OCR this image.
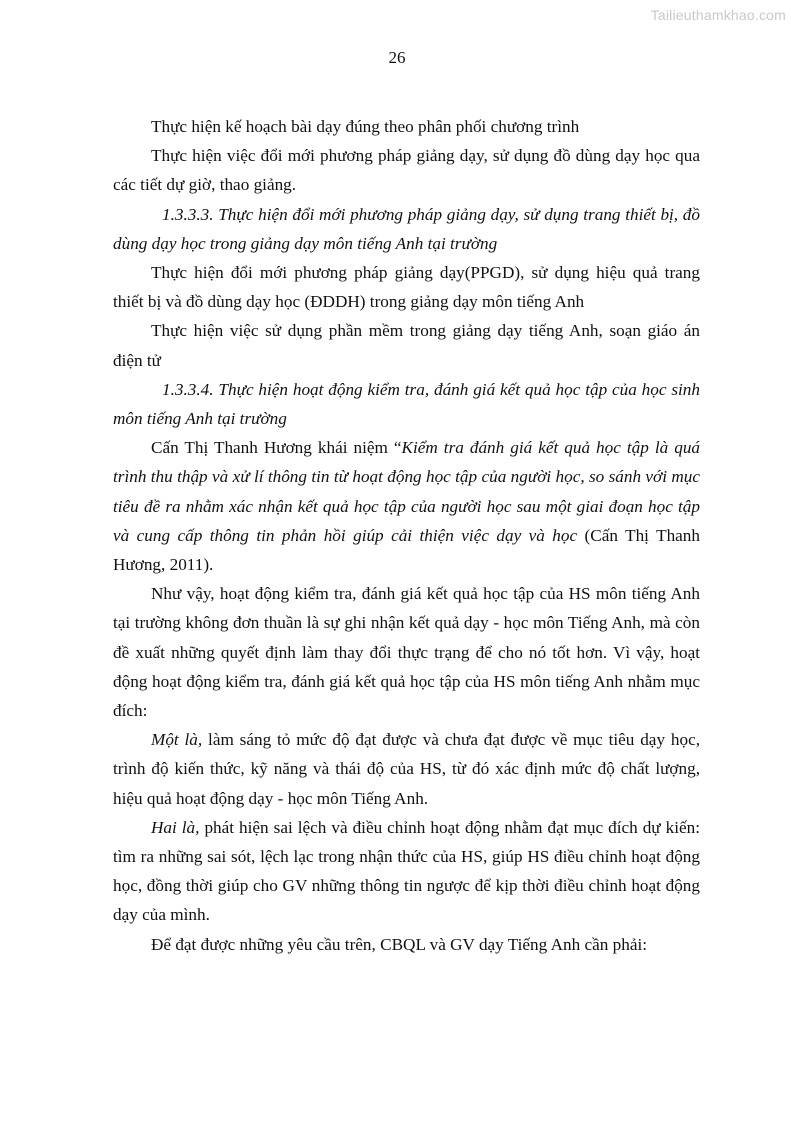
Tailieuthamkhao.com
26

Thực hiện kế hoạch bài dạy đúng theo phân phối chương trình

Thực hiện việc đổi mới phương pháp giảng dạy, sử dụng đồ dùng dạy học qua các tiết dự giờ, thao giảng.

1.3.3.3. Thực hiện đổi mới phương pháp giảng dạy, sử dụng trang thiết bị, đồ dùng dạy học trong giảng dạy môn tiếng Anh tại trường

Thực hiện đổi mới phương pháp giảng dạy(PPGD), sử dụng hiệu quả trang thiết bị và đồ dùng dạy học (ĐDDH) trong giảng dạy môn tiếng Anh

Thực hiện việc sử dụng phần mềm trong giảng dạy tiếng Anh, soạn giáo án điện tử

1.3.3.4. Thực hiện hoạt động kiểm tra, đánh giá kết quả học tập của học sinh môn tiếng Anh tại trường

Cấn Thị Thanh Hương khái niệm “Kiểm tra đánh giá kết quả học tập là quá trình thu thập và xử lí thông tin từ hoạt động học tập của người học, so sánh với mục tiêu đề ra nhằm xác nhận kết quả học tập của người học sau một giai đoạn học tập và cung cấp thông tin phản hồi giúp cải thiện việc dạy và học (Cấn Thị Thanh Hương, 2011).

Như vậy, hoạt động kiểm tra, đánh giá kết quả học tập của HS môn tiếng Anh tại trường không đơn thuần là sự ghi nhận kết quả dạy - học môn Tiếng Anh, mà còn đề xuất những quyết định làm thay đổi thực trạng để cho nó tốt hơn. Vì vậy, hoạt động hoạt động kiểm tra, đánh giá kết quả học tập của HS môn tiếng Anh nhằm mục đích:

Một là, làm sáng tỏ mức độ đạt được và chưa đạt được về mục tiêu dạy học, trình độ kiến thức, kỹ năng và thái độ của HS, từ đó xác định mức độ chất lượng, hiệu quả hoạt động dạy - học môn Tiếng Anh.

Hai là, phát hiện sai lệch và điều chỉnh hoạt động nhằm đạt mục đích dự kiến: tìm ra những sai sót, lệch lạc trong nhận thức của HS, giúp HS điều chỉnh hoạt động học, đồng thời giúp cho GV những thông tin ngược để kịp thời điều chỉnh hoạt động dạy của mình.

Để đạt được những yêu cầu trên, CBQL và GV dạy Tiếng Anh cần phải:
